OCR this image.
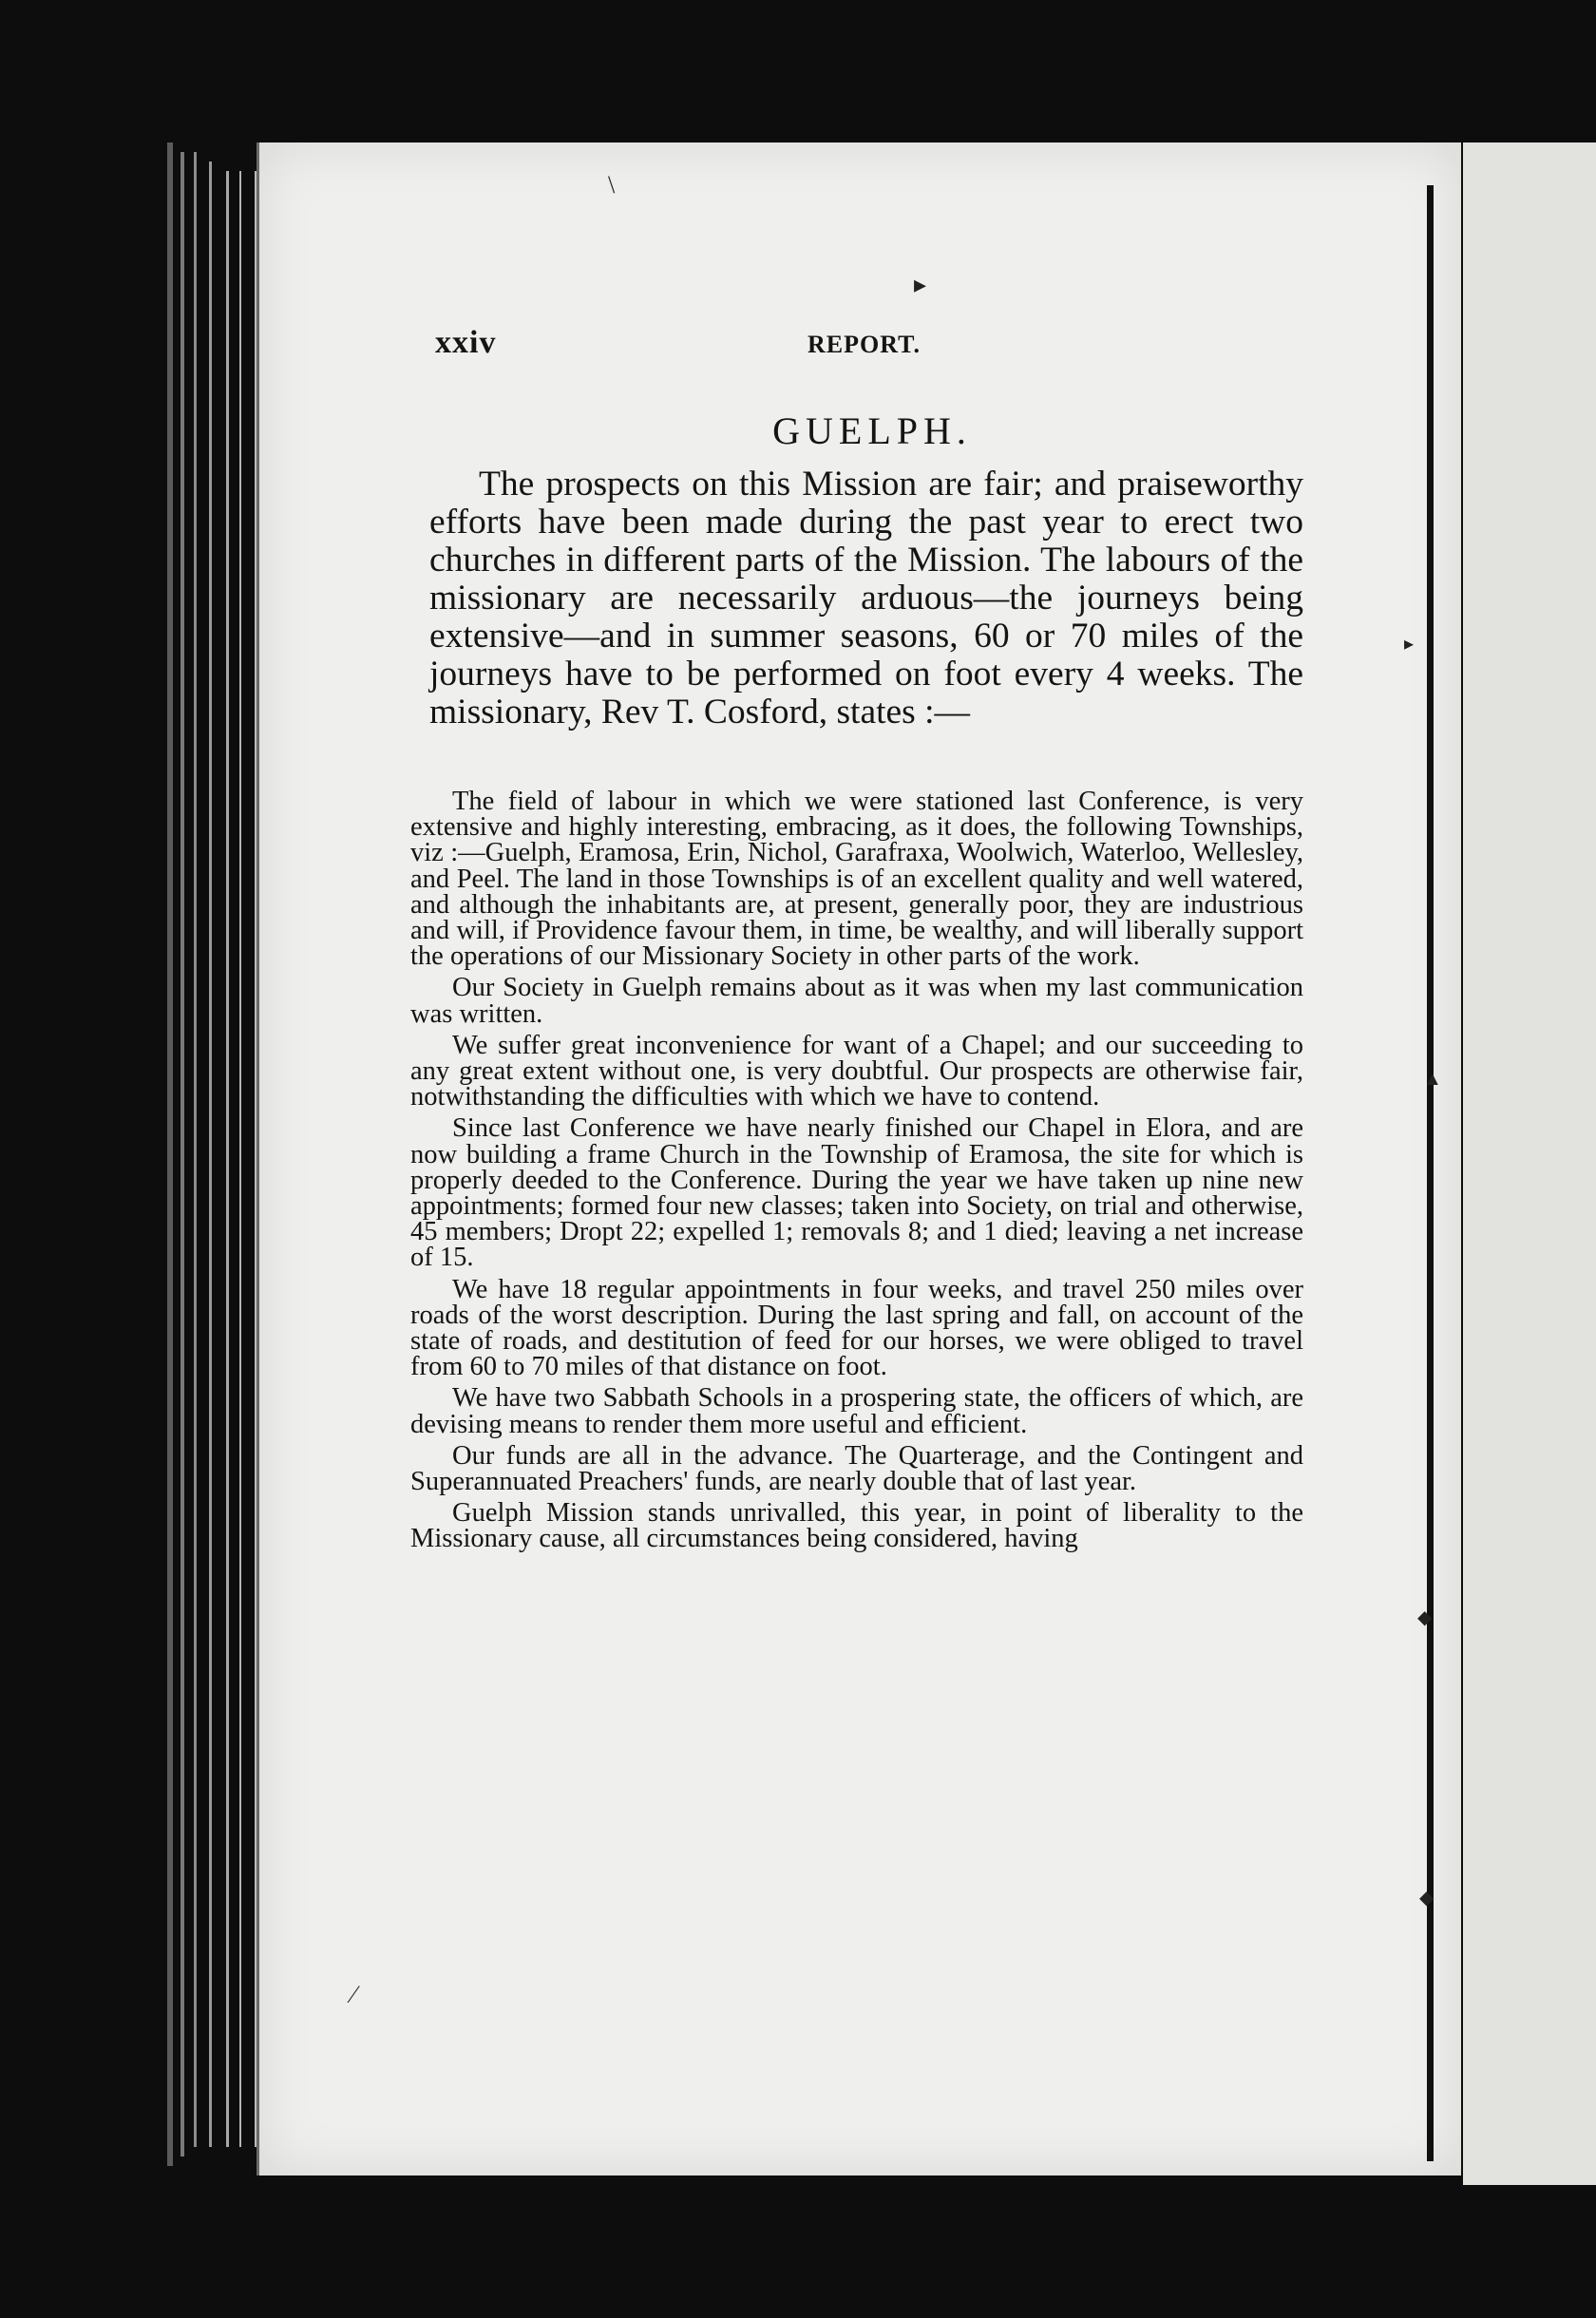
\
▸
▸
▲
◆
◆
⁄
xxiv	REPORT.
GUELPH.

The prospects on this Mission are fair; and praiseworthy efforts have been made during the past year to erect two churches in different parts of the Mission. The labours of the missionary are necessarily arduous—the journeys being extensive—and in summer seasons, 60 or 70 miles of the journeys have to be performed on foot every 4 weeks. The missionary, Rev T. Cosford, states :—

The field of labour in which we were stationed last Conference, is very extensive and highly interesting, embracing, as it does, the following Townships, viz :—Guelph, Eramosa, Erin, Nichol, Garafraxa, Woolwich, Waterloo, Wellesley, and Peel. The land in those Townships is of an excellent quality and well watered, and although the inhabitants are, at present, generally poor, they are industrious and will, if Providence favour them, in time, be wealthy, and will liberally support the operations of our Missionary Society in other parts of the work.

Our Society in Guelph remains about as it was when my last communication was written.

We suffer great inconvenience for want of a Chapel; and our succeeding to any great extent without one, is very doubtful. Our prospects are otherwise fair, notwithstanding the difficulties with which we have to contend.

Since last Conference we have nearly finished our Chapel in Elora, and are now building a frame Church in the Township of Eramosa, the site for which is properly deeded to the Conference. During the year we have taken up nine new appointments; formed four new classes; taken into Society, on trial and otherwise, 45 members; Dropt 22; expelled 1; removals 8; and 1 died; leaving a net increase of 15.

We have 18 regular appointments in four weeks, and travel 250 miles over roads of the worst description. During the last spring and fall, on account of the state of roads, and destitution of feed for our horses, we were obliged to travel from 60 to 70 miles of that distance on foot.

We have two Sabbath Schools in a prospering state, the officers of which, are devising means to render them more useful and efficient.

Our funds are all in the advance. The Quarterage, and the Contingent and Superannuated Preachers' funds, are nearly double that of last year.

Guelph Mission stands unrivalled, this year, in point of liberality to the Missionary cause, all circumstances being considered, having
